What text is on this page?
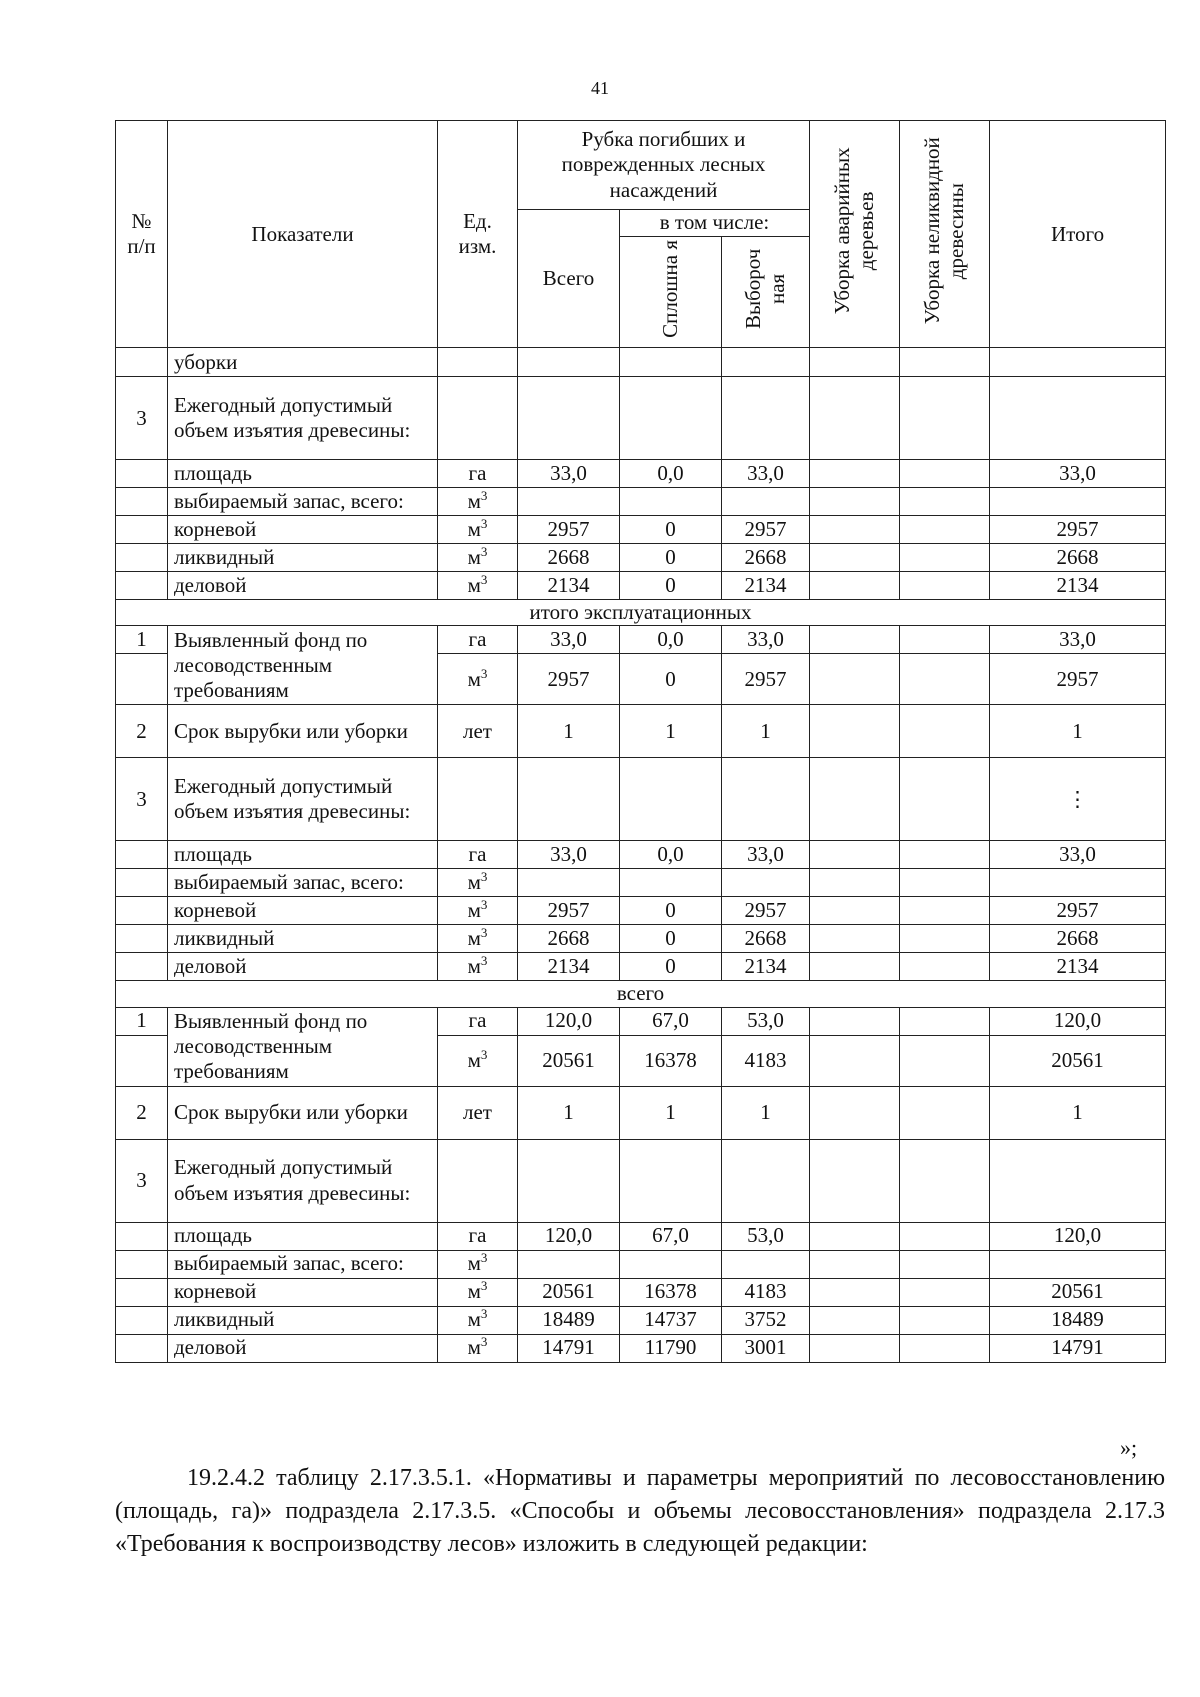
41
№ п/п	Показатели	Ед. изм.	Рубка погибших и поврежденных лесных насаждений			Уборка аварийных деревьев	Уборка неликвидной древесины	Итого
			Всего	в том числе:				
				Сплошна я	Выбороч ная			
	уборки							
3	Ежегодный допустимый объем изъятия древесины:							
	площадь	га	33,0	0,0	33,0			33,0
	выбираемый запас, всего:	$м^3$						
	корневой	$м^3$	2957	0	2957			2957
	ликвидный	$м^3$	2668	0	2668			2668
	деловой	$м^3$	2134	0	2134			2134
итого эксплуатационных								
1	Выявленный фонд по лесоводственным требованиям	га	33,0	0,0	33,0			33,0
		$м^3$	2957	0	2957			2957
2	Срок вырубки или уборки	лет	1	1	1			1
3	Ежегодный допустимый объем изъятия древесины:							⋮
	площадь	га	33,0	0,0	33,0			33,0
	выбираемый запас, всего:	$м^3$						
	корневой	$м^3$	2957	0	2957			2957
	ликвидный	$м^3$	2668	0	2668			2668
	деловой	$м^3$	2134	0	2134			2134
всего								
1	Выявленный фонд по лесоводственным требованиям	га	120,0	67,0	53,0			120,0
		$м^3$	20561	16378	4183			20561
2	Срок вырубки или уборки	лет	1	1	1			1
3	Ежегодный допустимый объем изъятия древесины:							
	площадь	га	120,0	67,0	53,0			120,0
	выбираемый запас, всего:	$м^3$						
	корневой	$м^3$	20561	16378	4183			20561
	ликвидный	$м^3$	18489	14737	3752			18489
	деловой	$м^3$	14791	11790	3001			14791
»;
19.2.4.2 таблицу 2.17.3.5.1. «Нормативы и параметры мероприятий по лесовосстановлению (площадь, га)» подраздела 2.17.3.5. «Способы и объемы лесовосстановления» подраздела 2.17.3 «Требования к воспроизводству лесов» изложить в следующей редакции:
